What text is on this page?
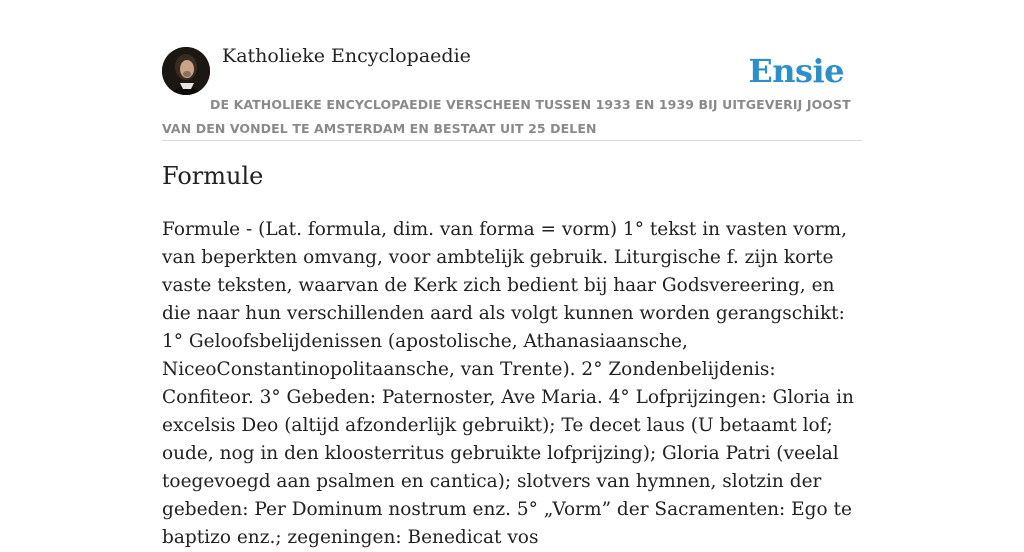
Katholieke Encyclopaedie	Ensie
DE KATHOLIEKE ENCYCLOPAEDIE VERSCHEEN TUSSEN 1933 EN 1939 BIJ UITGEVERIJ JOOST VAN DEN VONDEL TE AMSTERDAM EN BESTAAT UIT 25 DELEN
Formule

Formule - (Lat. formula, dim. van forma = vorm) 1° tekst in vasten vorm, van beperkten omvang, voor ambtelijk gebruik. Liturgische f. zijn korte vaste teksten, waarvan de Kerk zich bedient bij haar Godsvereering, en die naar hun verschillenden aard als volgt kunnen worden gerangschikt: 1° Geloofsbelijdenissen (apostolische, Athanasiaansche, NiceoConstantinopolitaansche, van Trente). 2° Zondenbelijdenis: Confiteor. 3° Gebeden: Paternoster, Ave Maria. 4° Lofprijzingen: Gloria in excelsis Deo (altijd afzonderlijk gebruikt); Te decet laus (U betaamt lof; oude, nog in den kloosterritus gebruikte lofprijzing); Gloria Patri (veelal toegevoegd aan psalmen en cantica); slotvers van hymnen, slotzin der gebeden: Per Dominum nostrum enz. 5° „Vorm” der Sacramenten: Ego te baptizo enz.; zegeningen: Benedicat vos
